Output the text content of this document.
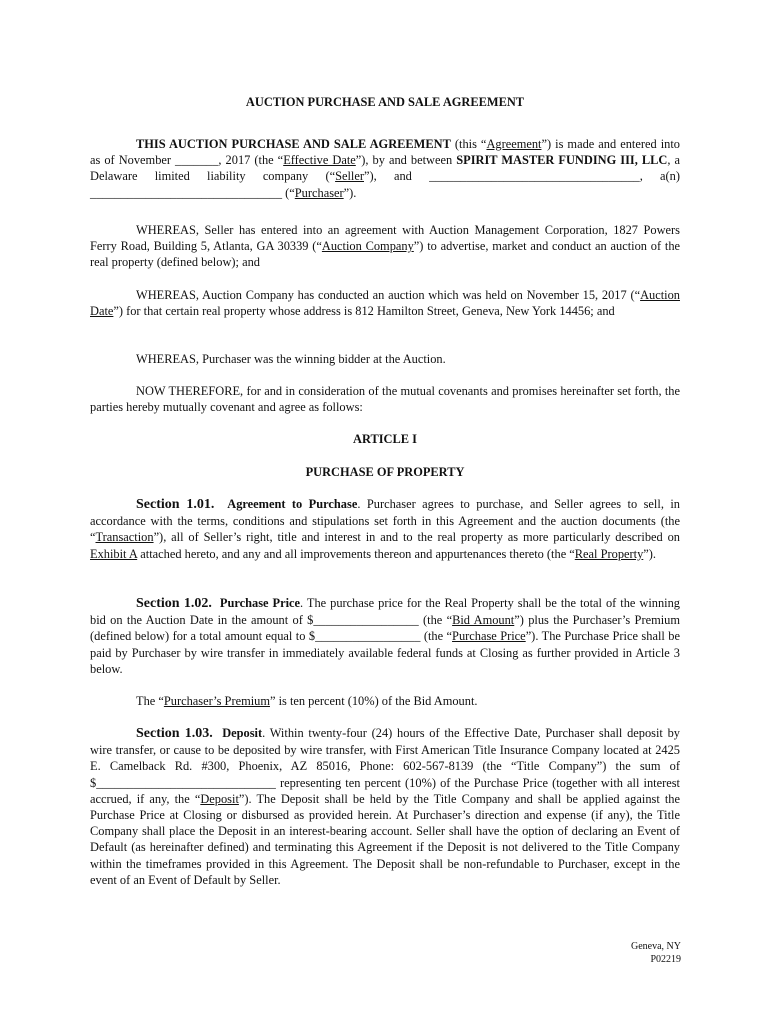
AUCTION PURCHASE AND SALE AGREEMENT

THIS AUCTION PURCHASE AND SALE AGREEMENT (this “Agreement”) is made and entered into as of November _______, 2017 (the “Effective Date”), by and between SPIRIT MASTER FUNDING III, LLC, a Delaware limited liability company (“Seller”), and __________________________________, a(n) _______________________________ (“Purchaser”).

WHEREAS, Seller has entered into an agreement with Auction Management Corporation, 1827 Powers Ferry Road, Building 5, Atlanta, GA 30339 (“Auction Company”) to advertise, market and conduct an auction of the real property (defined below); and

WHEREAS, Auction Company has conducted an auction which was held on November 15, 2017 (“Auction Date”) for that certain real property whose address is 812 Hamilton Street, Geneva, New York 14456; and

WHEREAS, Purchaser was the winning bidder at the Auction.

NOW THEREFORE, for and in consideration of the mutual covenants and promises hereinafter set forth, the parties hereby mutually covenant and agree as follows:

ARTICLE I
PURCHASE OF PROPERTY

Section 1.01. Agreement to Purchase. Purchaser agrees to purchase, and Seller agrees to sell, in accordance with the terms, conditions and stipulations set forth in this Agreement and the auction documents (the “Transaction”), all of Seller’s right, title and interest in and to the real property as more particularly described on Exhibit A attached hereto, and any and all improvements thereon and appurtenances thereto (the “Real Property”).

Section 1.02. Purchase Price. The purchase price for the Real Property shall be the total of the winning bid on the Auction Date in the amount of $_________________ (the “Bid Amount”) plus the Purchaser’s Premium (defined below) for a total amount equal to $_________________ (the “Purchase Price”). The Purchase Price shall be paid by Purchaser by wire transfer in immediately available federal funds at Closing as further provided in Article 3 below.

The “Purchaser’s Premium” is ten percent (10%) of the Bid Amount.

Section 1.03. Deposit. Within twenty-four (24) hours of the Effective Date, Purchaser shall deposit by wire transfer, or cause to be deposited by wire transfer, with First American Title Insurance Company located at 2425 E. Camelback Rd. #300, Phoenix, AZ 85016, Phone: 602-567-8139 (the “Title Company”) the sum of $_____________________________ representing ten percent (10%) of the Purchase Price (together with all interest accrued, if any, the “Deposit”). The Deposit shall be held by the Title Company and shall be applied against the Purchase Price at Closing or disbursed as provided herein. At Purchaser’s direction and expense (if any), the Title Company shall place the Deposit in an interest-bearing account. Seller shall have the option of declaring an Event of Default (as hereinafter defined) and terminating this Agreement if the Deposit is not delivered to the Title Company within the timeframes provided in this Agreement. The Deposit shall be non-refundable to Purchaser, except in the event of an Event of Default by Seller.

Geneva, NY
P02219
